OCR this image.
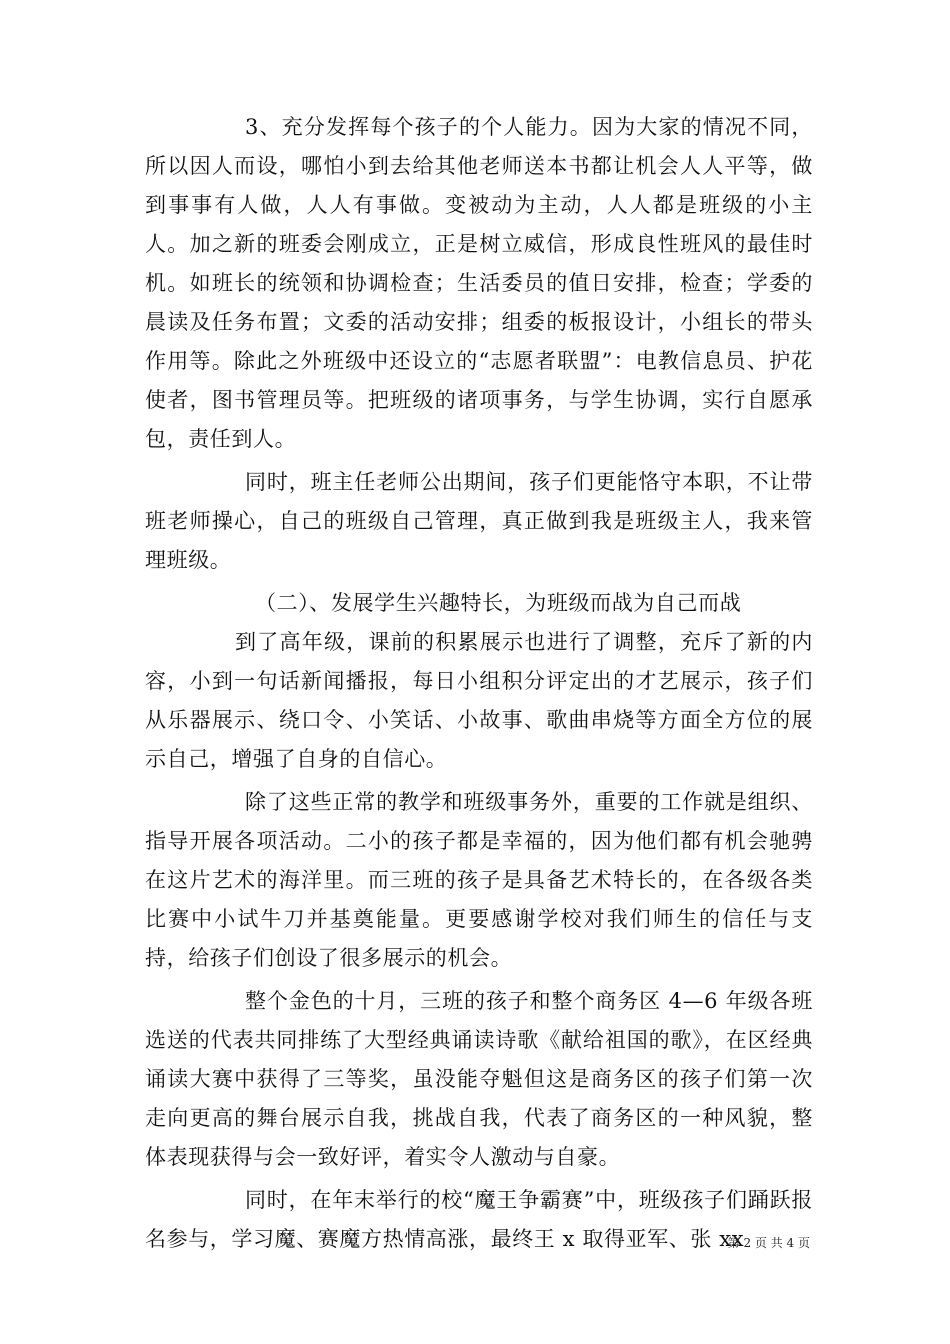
3、充分发挥每个孩子的个人能力。因为大家的情况不同，所以因人而设，哪怕小到去给其他老师送本书都让机会人人平等，做到事事有人做，人人有事做。变被动为主动，人人都是班级的小主人。加之新的班委会刚成立，正是树立威信，形成良性班风的最佳时机。如班长的统领和协调检查；生活委员的值日安排，检查；学委的晨读及任务布置；文委的活动安排；组委的板报设计，小组长的带头作用等。除此之外班级中还设立的“志愿者联盟”：电教信息员、护花使者，图书管理员等。把班级的诸项事务，与学生协调，实行自愿承包，责任到人。

同时，班主任老师公出期间，孩子们更能恪守本职，不让带班老师操心，自己的班级自己管理，真正做到我是班级主人，我来管理班级。

（二）、发展学生兴趣特长，为班级而战为自己而战

到了高年级，课前的积累展示也进行了调整，充斥了新的内容，小到一句话新闻播报，每日小组积分评定出的才艺展示，孩子们从乐器展示、绕口令、小笑话、小故事、歌曲串烧等方面全方位的展示自己，增强了自身的自信心。

除了这些正常的教学和班级事务外，重要的工作就是组织、指导开展各项活动。二小的孩子都是幸福的，因为他们都有机会驰骋在这片艺术的海洋里。而三班的孩子是具备艺术特长的，在各级各类比赛中小试牛刀并基奠能量。更要感谢学校对我们师生的信任与支持，给孩子们创设了很多展示的机会。

整个金色的十月，三班的孩子和整个商务区 4—6 年级各班选送的代表共同排练了大型经典诵读诗歌《献给祖国的歌》，在区经典诵读大赛中获得了三等奖，虽没能夺魁但这是商务区的孩子们第一次走向更高的舞台展示自我，挑战自我，代表了商务区的一种风貌，整体表现获得与会一致好评，着实令人激动与自豪。

同时，在年末举行的校“魔王争霸赛”中，班级孩子们踊跃报名参与，学习魔、赛魔方热情高涨，最终王 x 取得亚军、张 xx

第 2 页 共 4 页
